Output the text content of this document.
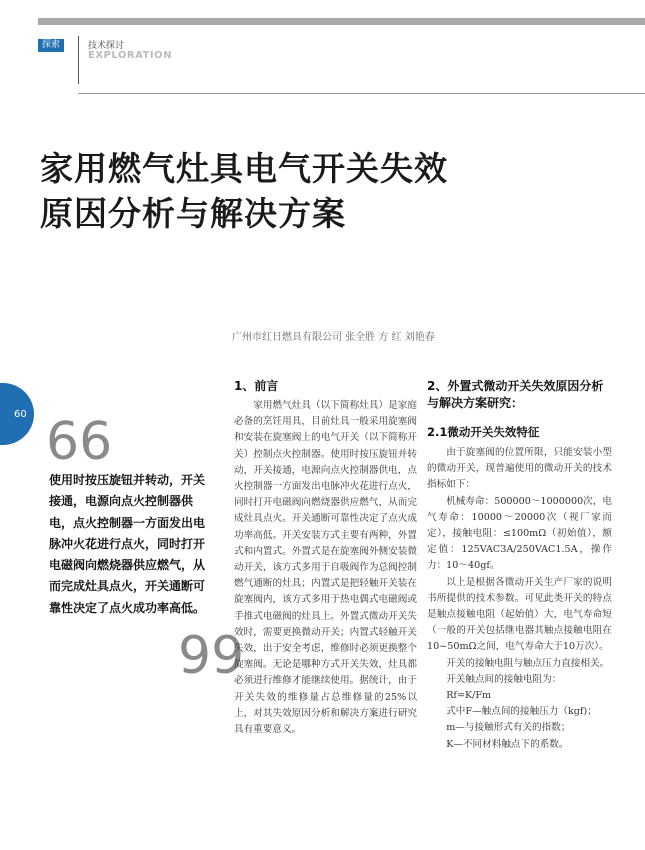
探索	技术探讨
EXPLORATION
家用燃气灶具电气开关失效
原因分析与解决方案
广州市红日燃具有限公司 张全胜 方 红 刘艳春
60 66

使用时按压旋钮并转动，开关接通，电源向点火控制器供电，点火控制器一方面发出电脉冲火花进行点火，同时打开电磁阀向燃烧器供应燃气，从而完成灶具点火，开关通断可靠性决定了点火成功率高低。

99
1、前言

家用燃气灶具（以下简称灶具）是家庭必备的烹饪用具，目前灶具一般采用旋塞阀和安装在旋塞阀上的电气开关（以下简称开关）控制点火控制器。使用时按压旋钮并转动，开关接通，电源向点火控制器供电，点火控制器一方面发出电脉冲火花进行点火，同时打开电磁阀向燃烧器供应燃气，从而完成灶具点火。开关通断可靠性决定了点火成功率高低。开关安装方式主要有两种，外置式和内置式。外置式是在旋塞阀外侧安装微动开关，该方式多用于自吸阀作为总阀控制燃气通断的灶具；内置式是把轻触开关装在旋塞阀内，该方式多用于热电偶式电磁阀或手推式电磁阀的灶具上。外置式微动开关失效时，需要更换微动开关；内置式轻触开关失效，出于安全考虑，维修时必须更换整个旋塞阀。无论是哪种方式开关失效，灶具都必须进行维修才能继续使用。据统计，由于开关失效的维修量占总维修量的25%以上，对其失效原因分析和解决方案进行研究具有重要意义。

2、外置式微动开关失效原因分析与解决方案研究：
2.1微动开关失效特征

由于旋塞阀的位置所限，只能安装小型的微动开关，现普遍使用的微动开关的技术指标如下：

机械寿命：500000～1000000次，电气寿命：10000～20000次（视厂家而定），接触电阻：≤100mΩ（初始值），额定值：125VAC3A/250VAC1.5A，操作力：10～40gf。

以上是根据各微动开关生产厂家的说明书所提供的技术参数。可见此类开关的特点是触点接触电阻（起始值）大，电气寿命短（一般的开关包括继电器其触点接触电阻在10~50mΩ之间，电气寿命大于10万次）。

开关的接触电阻与触点压力直接相关。

开关触点间的接触电阻为：

Rf=K/Fm

式中F—触点间的接触压力（kgf)；

m—与接触形式有关的指数；

K—不同材料触点下的系数。
